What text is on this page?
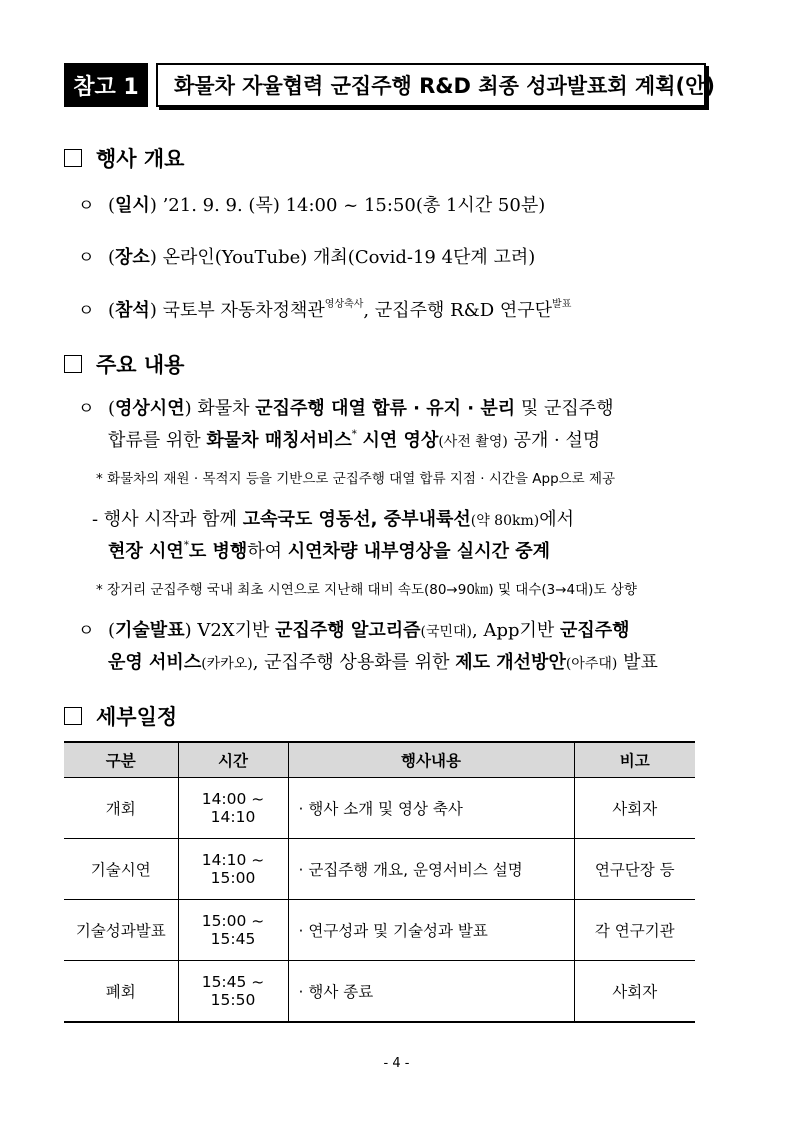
참고 1	화물차 자율협력 군집주행 R&D 최종 성과발표회 계획(안)
행사 개요
ㅇ (일시) ’21. 9. 9. (목) 14:00 ~ 15:50(총 1시간 50분)
ㅇ (장소) 온라인(YouTube) 개최(Covid-19 4단계 고려)
ㅇ (참석) 국토부 자동차정책관$^{영상축사}$, 군집주행 R&D 연구단$^{발표}$
주요 내용
ㅇ (영상시연) 화물차 군집주행 대열 합류 · 유지 · 분리 및 군집주행
합류를 위한 화물차 매칭서비스* 시연 영상(사전 촬영) 공개 · 설명
* 화물차의 재원 · 목적지 등을 기반으로 군집주행 대열 합류 지점 · 시간을 App으로 제공
- 행사 시작과 함께 고속국도 영동선, 중부내륙선(약 80km)에서
현장 시연*도 병행하여 시연차량 내부영상을 실시간 중계
* 장거리 군집주행 국내 최초 시연으로 지난해 대비 속도(80→90㎞) 및 대수(3→4대)도 상향
ㅇ (기술발표) V2X기반 군집주행 알고리즘(국민대), App기반 군집주행
운영 서비스(카카오), 군집주행 상용화를 위한 제도 개선방안(아주대) 발표
세부일정
구분	시간	행사내용	비고
개회	14:00 ~ 14:10	· 행사 소개 및 영상 축사	사회자
기술시연	14:10 ~ 15:00	· 군집주행 개요, 운영서비스 설명	연구단장 등
기술성과발표	15:00 ~ 15:45	· 연구성과 및 기술성과 발표	각 연구기관
폐회	15:45 ~ 15:50	· 행사 종료	사회자
- 4 -
